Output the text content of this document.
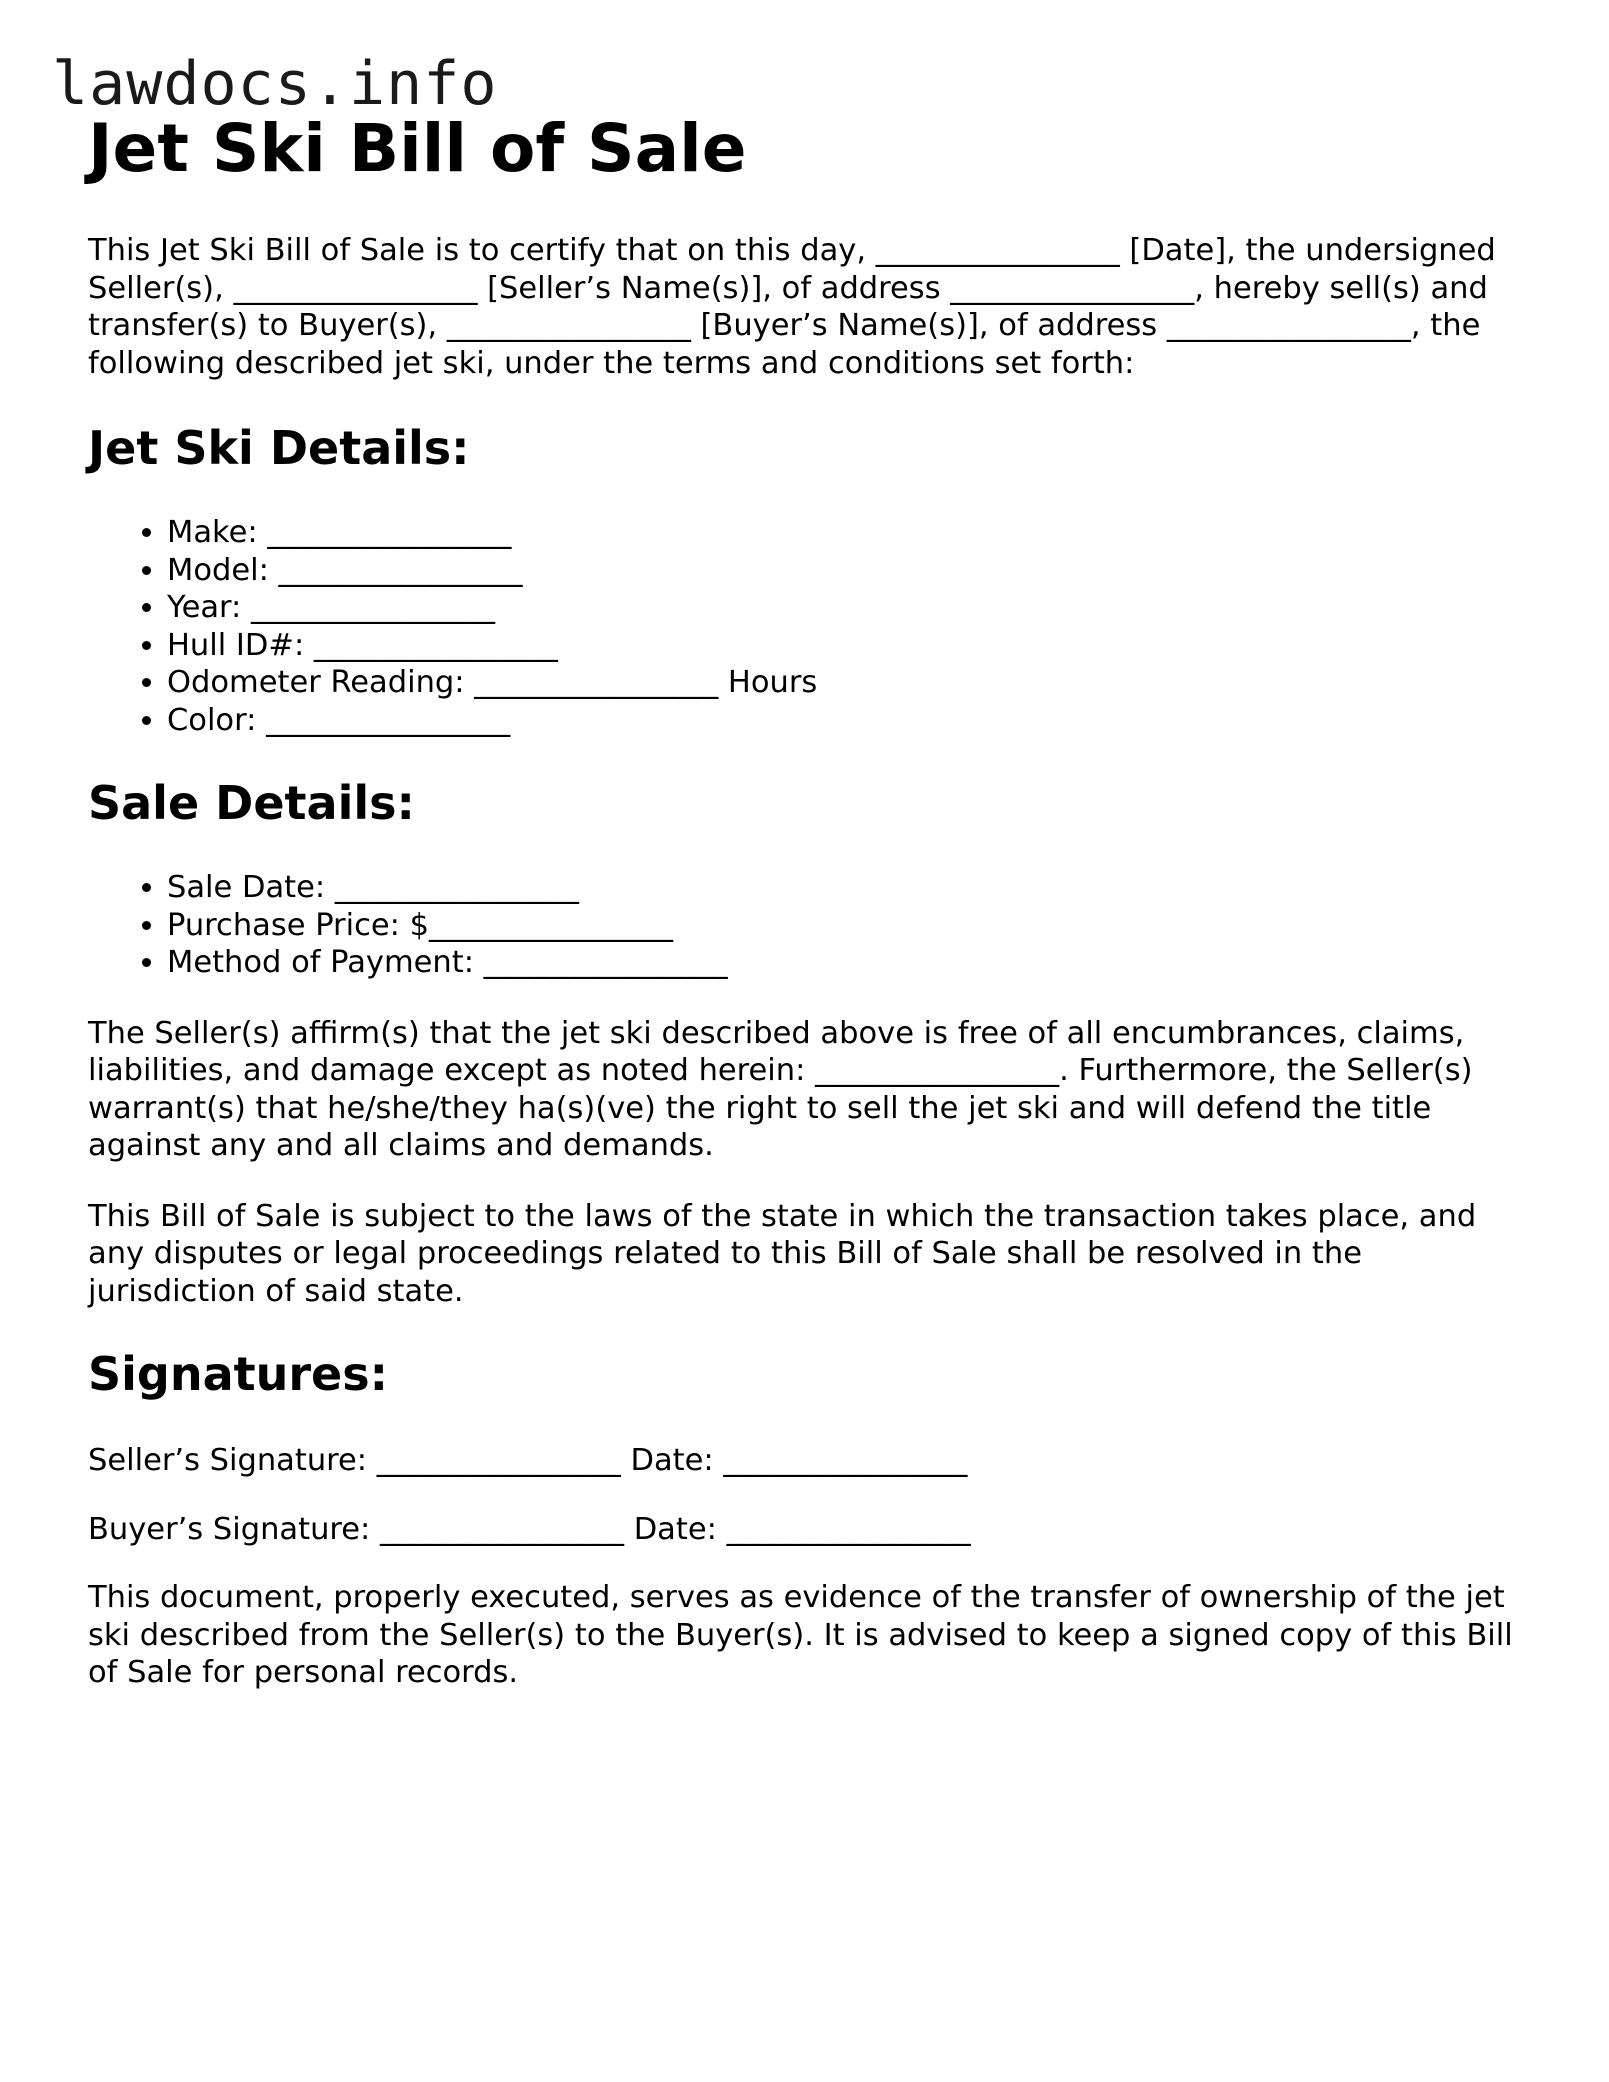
lawdocs.info
Jet Ski Bill of Sale

This Jet Ski Bill of Sale is to certify that on this day, ________________ [Date], the undersigned Seller(s), ________________ [Seller’s Name(s)], of address ________________, hereby sell(s) and transfer(s) to Buyer(s), ________________ [Buyer’s Name(s)], of address ________________, the following described jet ski, under the terms and conditions set forth:

Jet Ski Details:
• Make: ________________
• Model: ________________
• Year: ________________
• Hull ID#: ________________
• Odometer Reading: ________________ Hours
• Color: ________________
Sale Details:
• Sale Date: ________________
• Purchase Price: $________________
• Method of Payment: ________________

The Seller(s) affirm(s) that the jet ski described above is free of all encumbrances, claims, liabilities, and damage except as noted herein: ________________. Furthermore, the Seller(s) warrant(s) that he/she/they ha(s)(ve) the right to sell the jet ski and will defend the title against any and all claims and demands.

This Bill of Sale is subject to the laws of the state in which the transaction takes place, and any disputes or legal proceedings related to this Bill of Sale shall be resolved in the jurisdiction of said state.

Signatures:

Seller’s Signature: ________________ Date: ________________

Buyer’s Signature: ________________ Date: ________________

This document, properly executed, serves as evidence of the transfer of ownership of the jet ski described from the Seller(s) to the Buyer(s). It is advised to keep a signed copy of this Bill of Sale for personal records.
